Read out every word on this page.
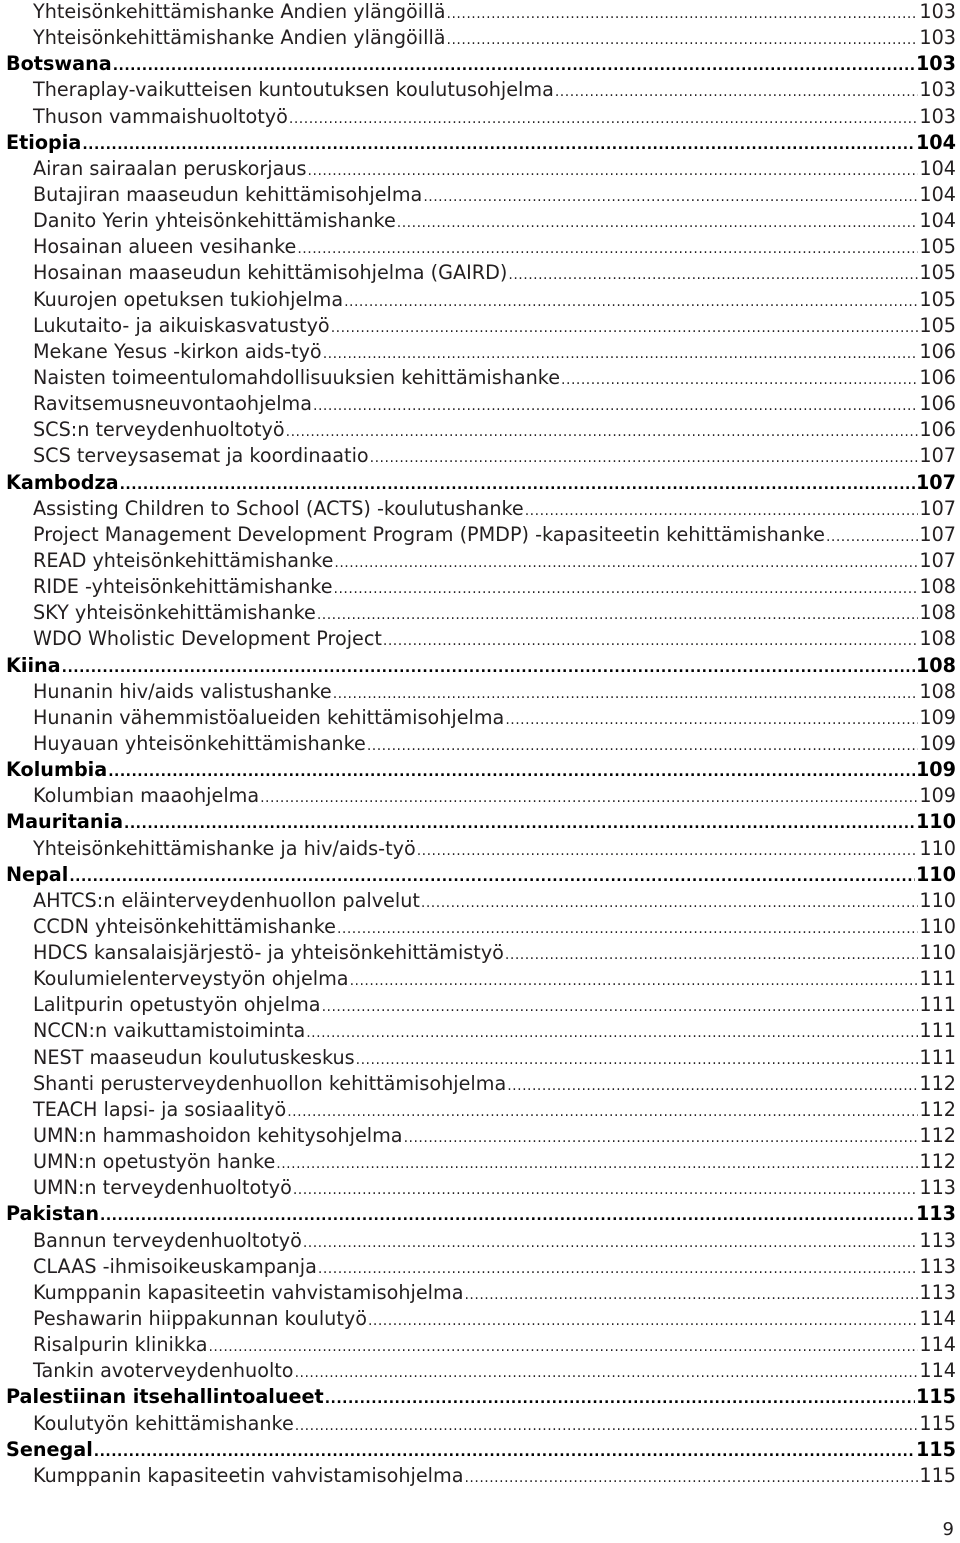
Yhteisönkehittämishanke Andien ylängöillä .....	103
Yhteisönkehittämishanke Andien ylängöillä .....	103
Botswana .....	103
Theraplay-vaikutteisen kuntoutuksen koulutusohjelma .....	103
Thuson vammaishuoltotyö .....	103
Etiopia .....	104
Airan sairaalan peruskorjaus .....	104
Butajiran maaseudun kehittämisohjelma .....	104
Danito Yerin yhteisönkehittämishanke .....	104
Hosainan alueen vesihanke .....	105
Hosainan maaseudun kehittämisohjelma (GAIRD) .....	105
Kuurojen opetuksen tukiohjelma .....	105
Lukutaito- ja aikuiskasvatustyö .....	105
Mekane Yesus -kirkon aids-työ .....	106
Naisten toimeentulomahdollisuuksien kehittämishanke .....	106
Ravitsemusneuvontaohjelma .....	106
SCS:n terveydenhuoltotyö .....	106
SCS terveysasemat ja koordinaatio .....	107
Kambodza .....	107
Assisting Children to School (ACTS) -koulutushanke .....	107
Project Management Development Program (PMDP) -kapasiteetin kehittämishanke .....	107
READ yhteisönkehittämishanke .....	107
RIDE -yhteisönkehittämishanke .....	108
SKY yhteisönkehittämishanke .....	108
WDO Wholistic Development Project .....	108
Kiina .....	108
Hunanin hiv/aids valistushanke .....	108
Hunanin vähemmistöalueiden kehittämisohjelma .....	109
Huyauan yhteisönkehittämishanke .....	109
Kolumbia .....	109
Kolumbian maaohjelma .....	109
Mauritania .....	110
Yhteisönkehittämishanke ja hiv/aids-työ .....	110
Nepal .....	110
AHTCS:n eläinterveydenhuollon palvelut .....	110
CCDN yhteisönkehittämishanke .....	110
HDCS kansalaisjärjestö- ja yhteisönkehittämistyö .....	110
Koulumielenterveystyön ohjelma .....	111
Lalitpurin opetustyön ohjelma .....	111
NCCN:n vaikuttamistoiminta .....	111
NEST maaseudun koulutuskeskus .....	111
Shanti perusterveydenhuollon kehittämisohjelma .....	112
TEACH lapsi- ja sosiaalityö .....	112
UMN:n hammashoidon kehitysohjelma .....	112
UMN:n opetustyön hanke .....	112
UMN:n terveydenhuoltotyö .....	113
Pakistan .....	113
Bannun terveydenhuoltotyö .....	113
CLAAS -ihmisoikeuskampanja .....	113
Kumppanin kapasiteetin vahvistamisohjelma .....	113
Peshawarin hiippakunnan koulutyö .....	114
Risalpurin klinikka .....	114
Tankin avoterveydenhuolto .....	114
Palestiinan itsehallintoalueet .....	115
Koulutyön kehittämishanke .....	115
Senegal .....	115
Kumppanin kapasiteetin vahvistamisohjelma .....	115
9
